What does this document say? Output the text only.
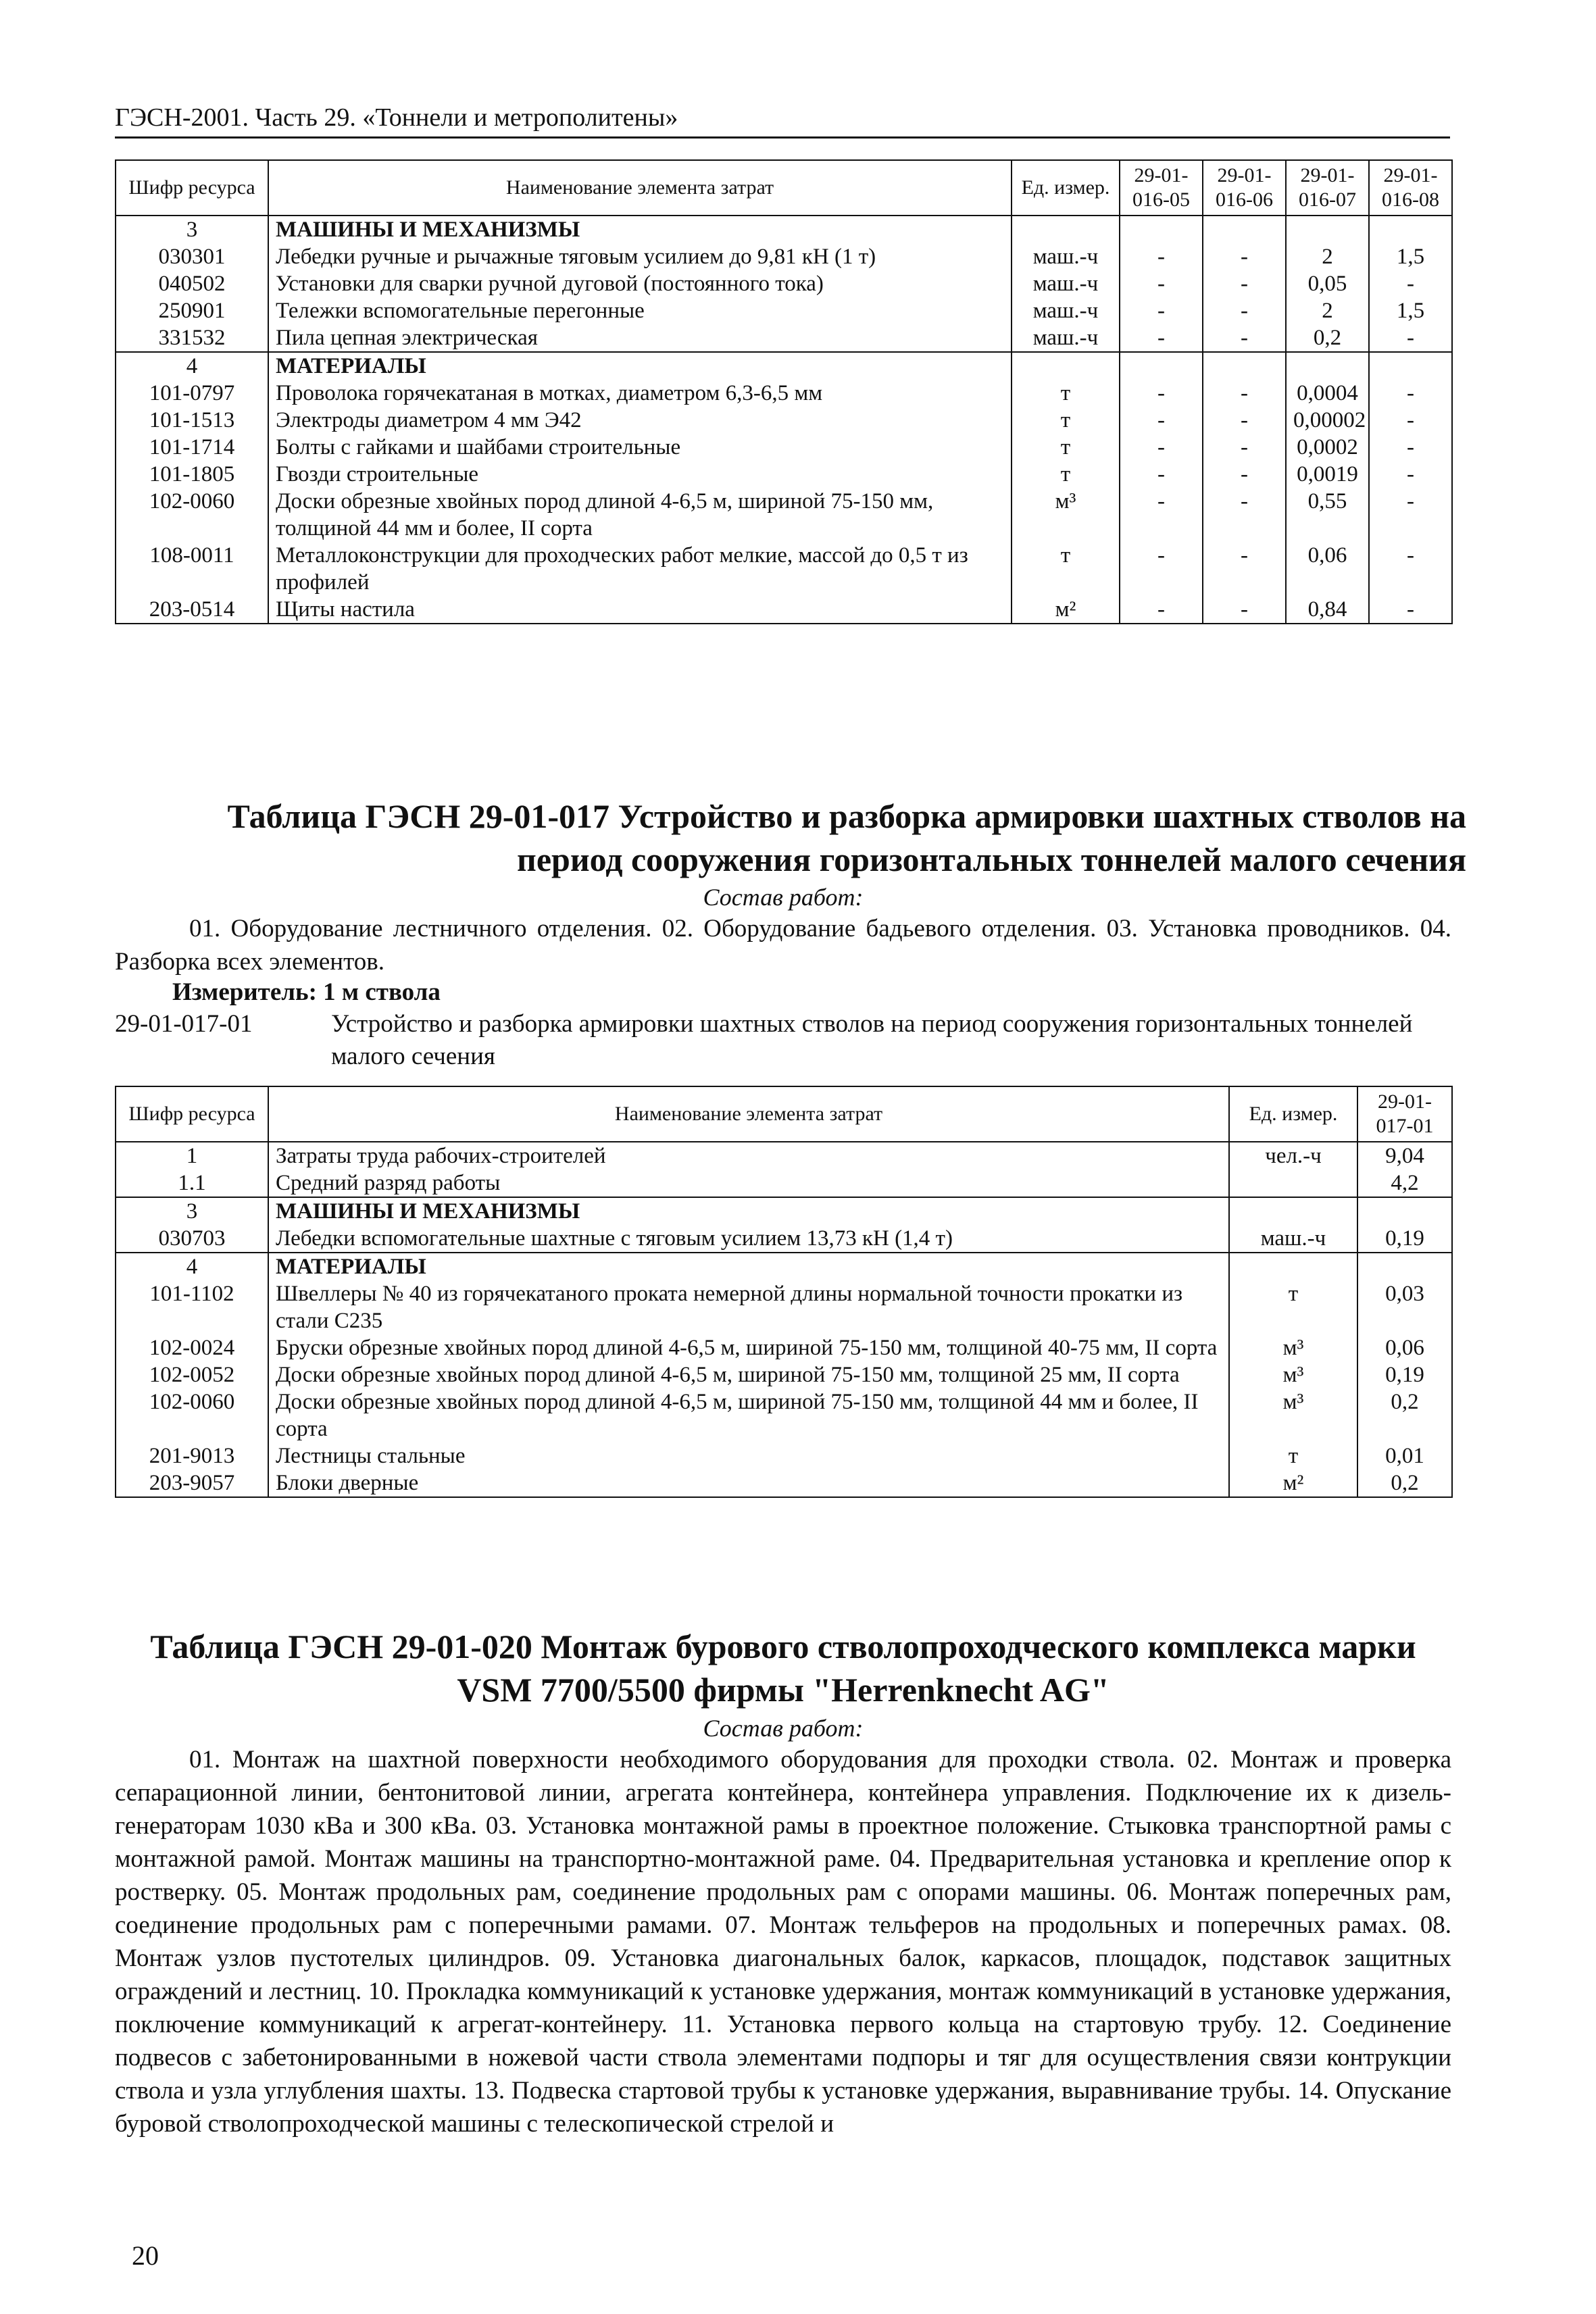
ГЭСН-2001. Часть 29. «Тоннели и метрополитены»
Шифр ресурса	Наименование элемента затрат	Ед. измер.	29-01-016-05	29-01-016-06	29-01-016-07	29-01-016-08
3	МАШИНЫ И МЕХАНИЗМЫ					
030301	Лебедки ручные и рычажные тяговым усилием до 9,81 кН (1 т)	маш.-ч	-	-	2	1,5
040502	Установки для сварки ручной дуговой (постоянного тока)	маш.-ч	-	-	0,05	-
250901	Тележки вспомогательные перегонные	маш.-ч	-	-	2	1,5
331532	Пила цепная электрическая	маш.-ч	-	-	0,2	-
4	МАТЕРИАЛЫ					
101-0797	Проволока горячекатаная в мотках, диаметром 6,3-6,5 мм	т	-	-	0,0004	-
101-1513	Электроды диаметром 4 мм Э42	т	-	-	0,00002	-
101-1714	Болты с гайками и шайбами строительные	т	-	-	0,0002	-
101-1805	Гвозди строительные	т	-	-	0,0019	-
102-0060	Доски обрезные хвойных пород длиной 4-6,5 м, шириной 75-150 мм, толщиной 44 мм и более, II сорта	м³	-	-	0,55	-
108-0011	Металлоконструкции для проходческих работ мелкие, массой до 0,5 т из профилей	т	-	-	0,06	-
203-0514	Щиты настила	м²	-	-	0,84	-
Таблица ГЭСН 29-01-017 Устройство и разборка армировки шахтных стволов на
период сооружения горизонтальных тоннелей малого сечения
Состав работ:
01. Оборудование лестничного отделения. 02. Оборудование бадьевого отделения. 03. Установка проводников. 04. Разборка всех элементов.
Измеритель: 1 м ствола
29-01-017-01	Устройство и разборка армировки шахтных стволов на период сооружения горизонтальных тоннелей малого сечения
Шифр ресурса	Наименование элемента затрат	Ед. измер.	29-01-017-01
1	Затраты труда рабочих-строителей	чел.-ч	9,04
1.1	Средний разряд работы		4,2
3	МАШИНЫ И МЕХАНИЗМЫ		
030703	Лебедки вспомогательные шахтные с тяговым усилием 13,73 кН (1,4 т)	маш.-ч	0,19
4	МАТЕРИАЛЫ		
101-1102	Швеллеры № 40 из горячекатаного проката немерной длины нормальной точности прокатки из стали С235	т	0,03
102-0024	Бруски обрезные хвойных пород длиной 4-6,5 м, шириной 75-150 мм, толщиной 40-75 мм, II сорта	м³	0,06
102-0052	Доски обрезные хвойных пород длиной 4-6,5 м, шириной 75-150 мм, толщиной 25 мм, II сорта	м³	0,19
102-0060	Доски обрезные хвойных пород длиной 4-6,5 м, шириной 75-150 мм, толщиной 44 мм и более, II сорта	м³	0,2
201-9013	Лестницы стальные	т	0,01
203-9057	Блоки дверные	м²	0,2
Таблица ГЭСН 29-01-020 Монтаж бурового стволопроходческого комплекса марки
VSM 7700/5500 фирмы "Herrenknecht AG"
Состав работ:
01. Монтаж на шахтной поверхности необходимого оборудования для проходки ствола. 02. Монтаж и проверка сепарационной линии, бентонитовой линии, агрегата контейнера, контейнера управления. Подключение их к дизель-генераторам 1030 кВа и 300 кВа. 03. Установка монтажной рамы в проектное положение. Стыковка транспортной рамы с монтажной рамой. Монтаж машины на транспортно-монтажной раме. 04. Предварительная установка и крепление опор к ростверку. 05. Монтаж продольных рам, соединение продольных рам с опорами машины. 06. Монтаж поперечных рам, соединение продольных рам с поперечными рамами. 07. Монтаж тельферов на продольных и поперечных рамах. 08. Монтаж узлов пустотелых цилиндров. 09. Установка диагональных балок, каркасов, площадок, подставок защитных ограждений и лестниц. 10. Прокладка коммуникаций к установке удержания, монтаж коммуникаций в установке удержания, поключение коммуникаций к агрегат-контейнеру. 11. Установка первого кольца на стартовую трубу. 12. Соединение подвесов с забетонированными в ножевой части ствола элементами подпоры и тяг для осуществления связи контрукции ствола и узла углубления шахты. 13. Подвеска стартовой трубы к установке удержания, выравнивание трубы. 14. Опускание буровой стволопроходческой машины с телескопической стрелой и
20
